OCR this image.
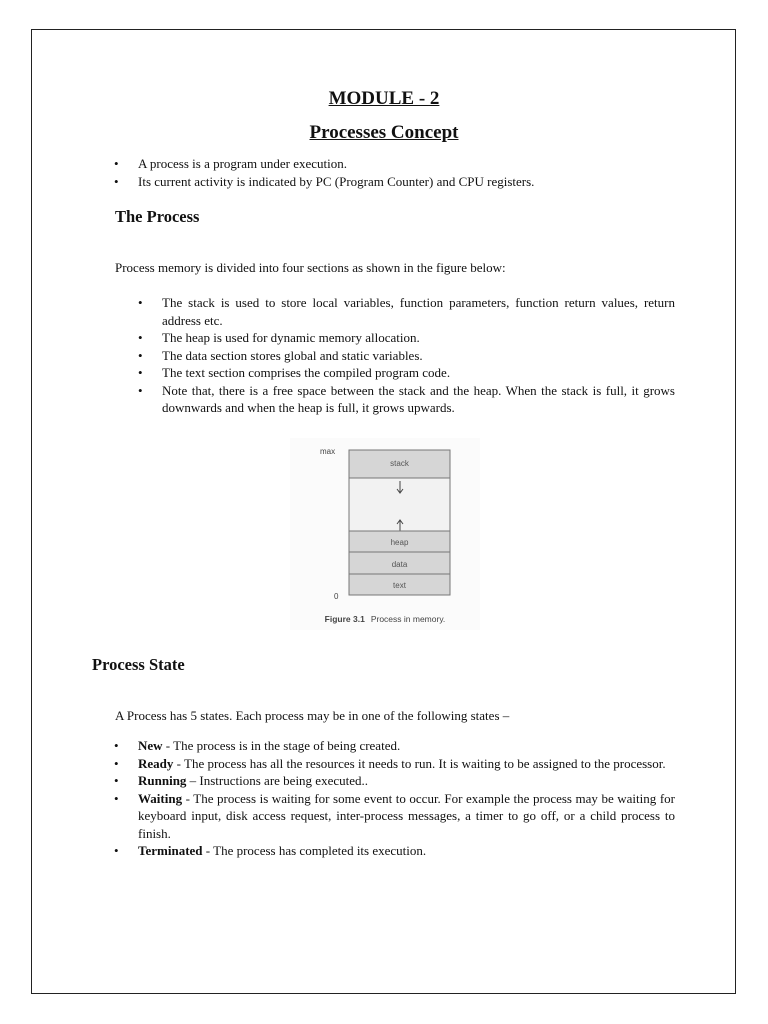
MODULE - 2
Processes Concept
• A process is a program under execution.
• Its current activity is indicated by PC (Program Counter) and CPU registers.
The Process
Process memory is divided into four sections as shown in the figure below:
• The stack is used to store local variables, function parameters, function return values, return address etc.
• The heap is used for dynamic memory allocation.
• The data section stores global and static variables.
• The text section comprises the compiled program code.
• Note that, there is a free space between the stack and the heap. When the stack is full, it grows downwards and when the heap is full, it grows upwards.
max
0
stack
heap
data
text
Figure 3.1 Process in memory.
Process State
A Process has 5 states. Each process may be in one of the following states –
• New - The process is in the stage of being created.
• Ready - The process has all the resources it needs to run. It is waiting to be assigned to the processor.
• Running – Instructions are being executed..
• Waiting - The process is waiting for some event to occur. For example the process may be waiting for keyboard input, disk access request, inter-process messages, a timer to go off, or a child process to finish.
• Terminated - The process has completed its execution.
